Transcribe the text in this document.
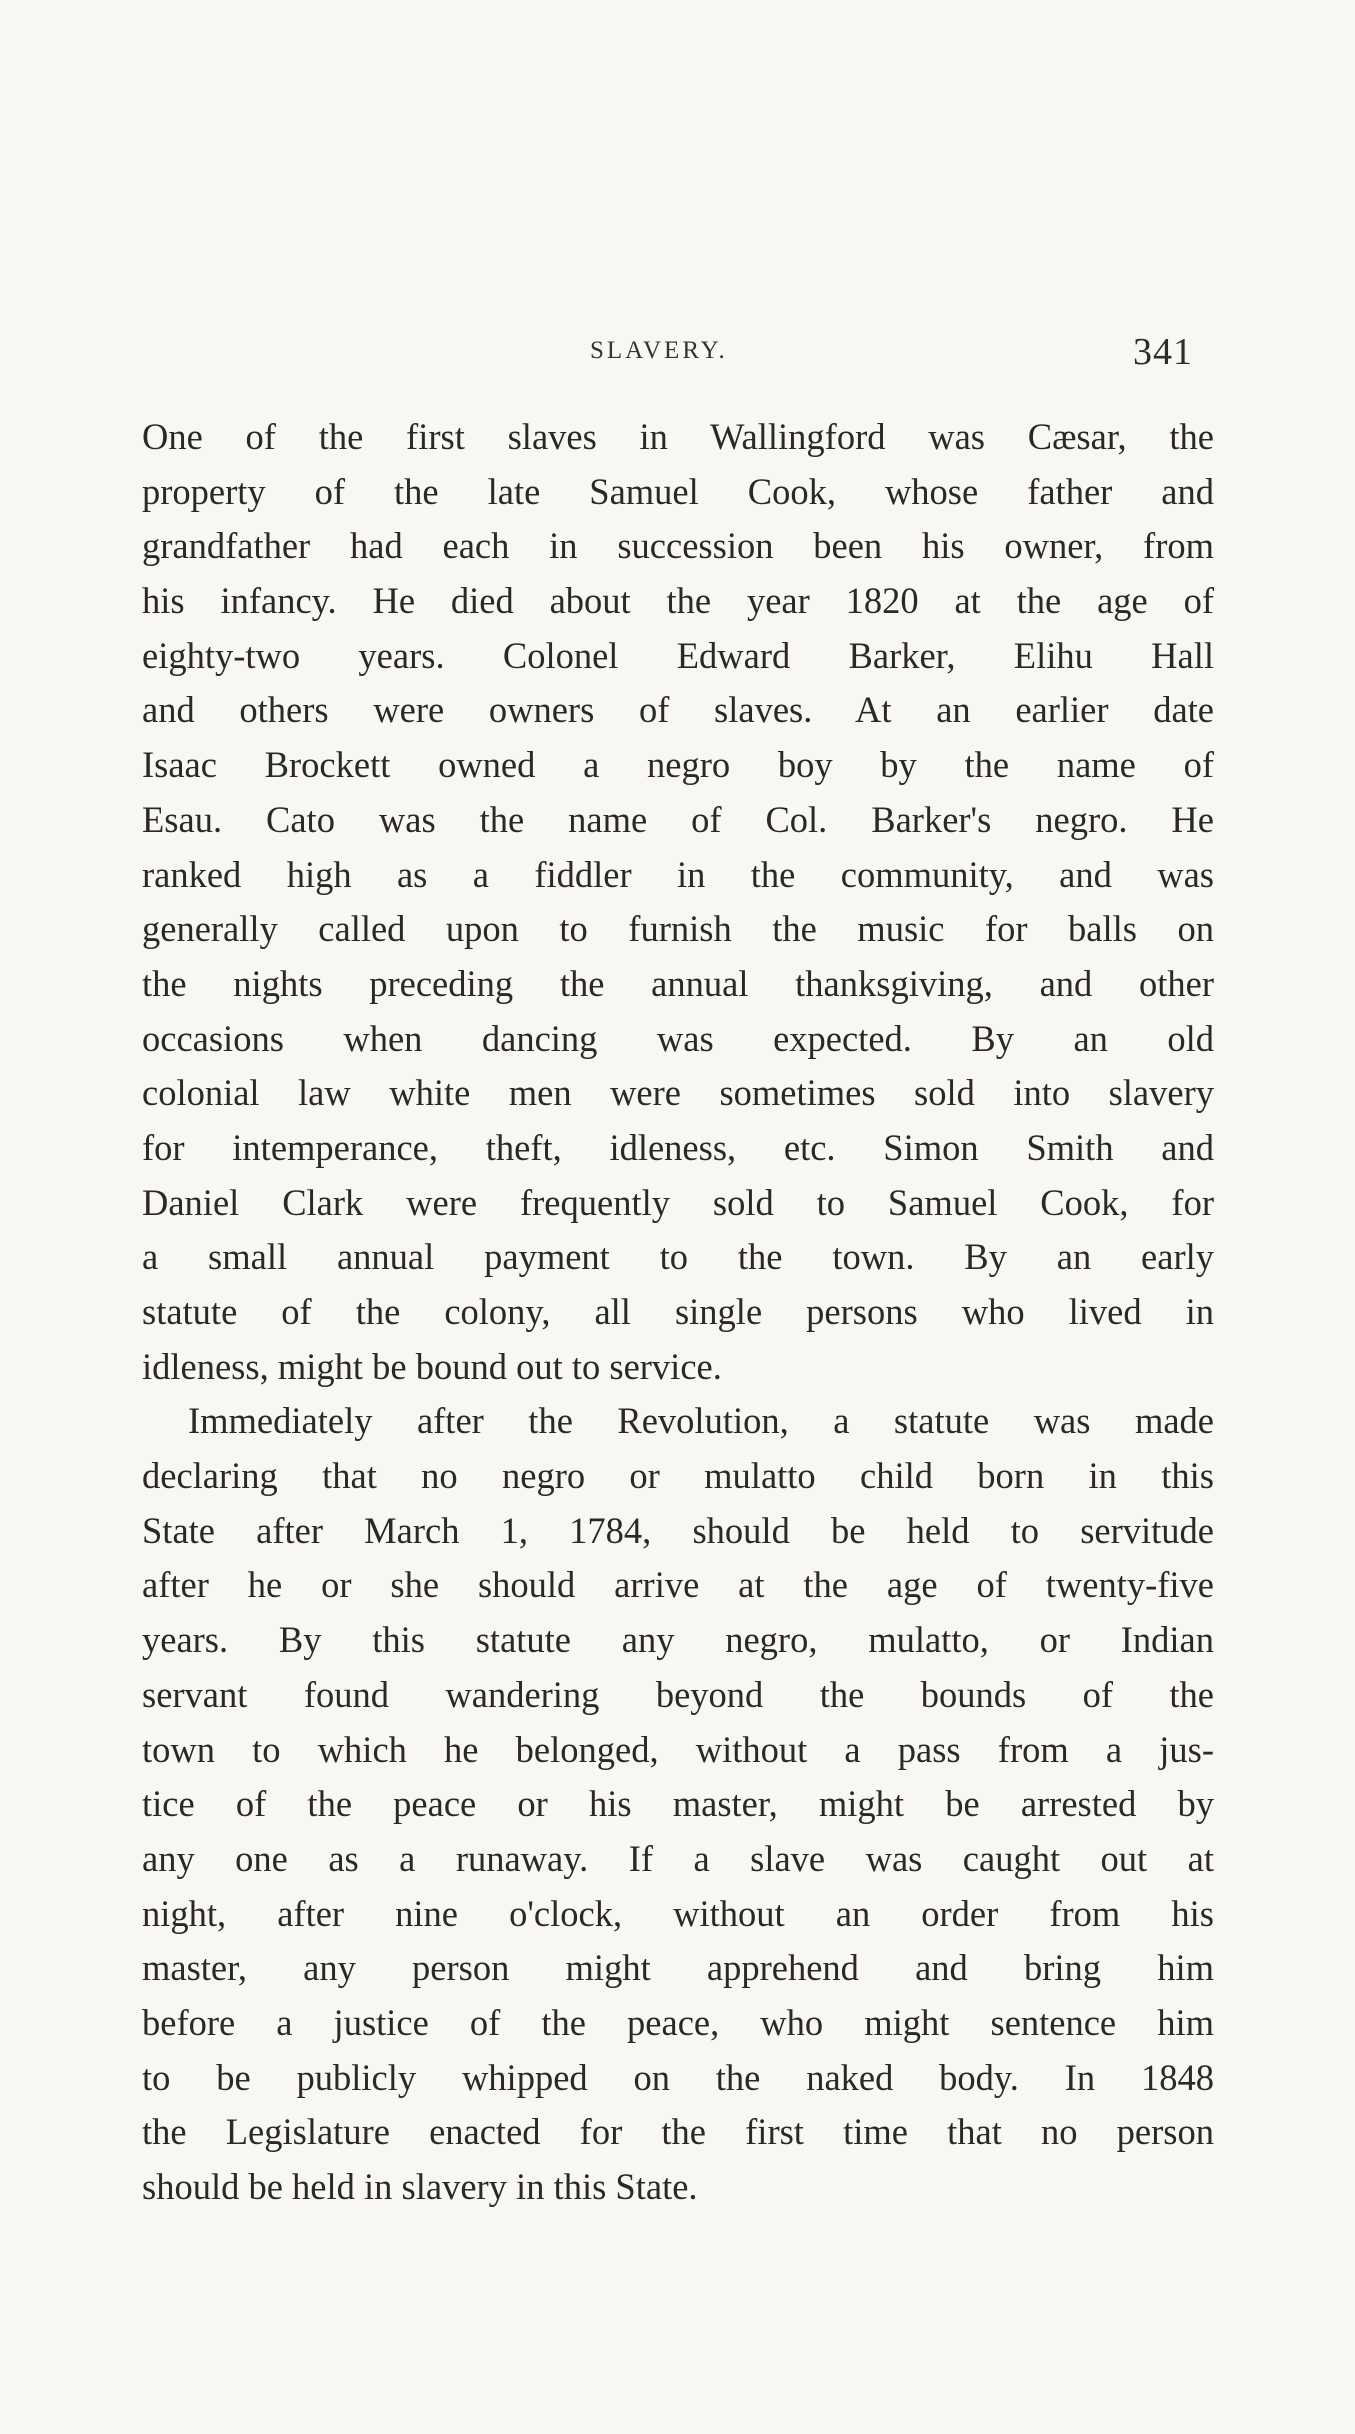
SLAVERY.	341
One of the first slaves in Wallingford was Cæsar, the
property of the late Samuel Cook, whose father and
grandfather had each in succession been his owner, from
his infancy. He died about the year 1820 at the age of
eighty-two years. Colonel Edward Barker, Elihu Hall
and others were owners of slaves. At an earlier date
Isaac Brockett owned a negro boy by the name of
Esau. Cato was the name of Col. Barker's negro. He
ranked high as a fiddler in the community, and was
generally called upon to furnish the music for balls on
the nights preceding the annual thanksgiving, and other
occasions when dancing was expected. By an old
colonial law white men were sometimes sold into slavery
for intemperance, theft, idleness, etc. Simon Smith and
Daniel Clark were frequently sold to Samuel Cook, for
a small annual payment to the town. By an early
statute of the colony, all single persons who lived in
idleness, might be bound out to service.
Immediately after the Revolution, a statute was made
declaring that no negro or mulatto child born in this
State after March 1, 1784, should be held to servitude
after he or she should arrive at the age of twenty-five
years. By this statute any negro, mulatto, or Indian
servant found wandering beyond the bounds of the
town to which he belonged, without a pass from a jus-
tice of the peace or his master, might be arrested by
any one as a runaway. If a slave was caught out at
night, after nine o'clock, without an order from his
master, any person might apprehend and bring him
before a justice of the peace, who might sentence him
to be publicly whipped on the naked body. In 1848
the Legislature enacted for the first time that no person
should be held in slavery in this State.
